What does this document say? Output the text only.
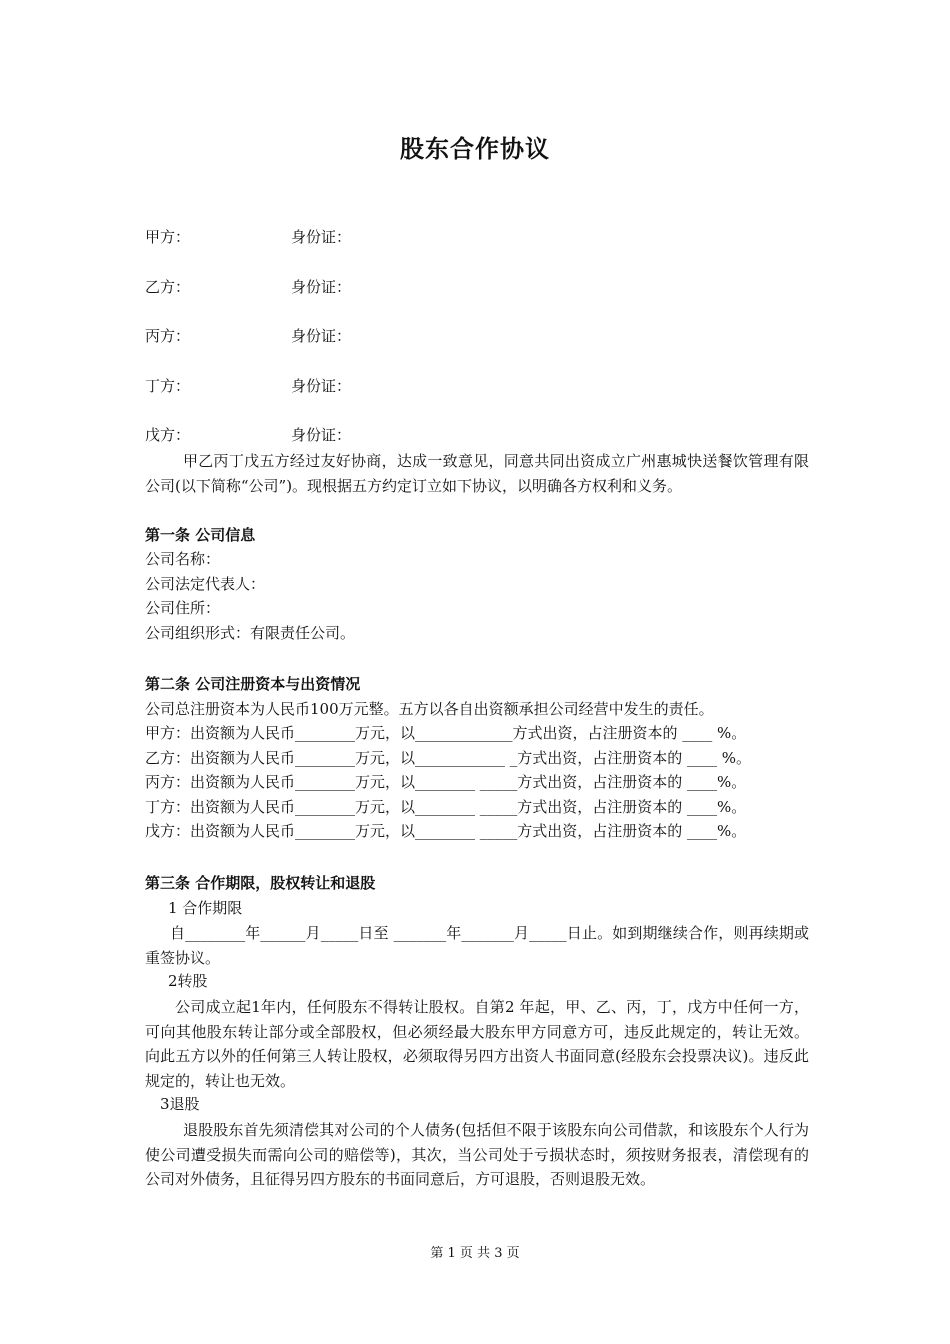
股东合作协议
甲方：	身份证：
乙方：	身份证：
丙方：	身份证：
丁方：	身份证：
戊方：	身份证：
甲乙丙丁戊五方经过友好协商，达成一致意见，同意共同出资成立广州惠城快送餐饮管理有限公司(以下简称“公司”)。现根据五方约定订立如下协议，以明确各方权利和义务。
第一条 公司信息
公司名称：
公司法定代表人：
公司住所：
公司组织形式：有限责任公司。
第二条 公司注册资本与出资情况
公司总注册资本为人民币100万元整。五方以各自出资额承担公司经营中发生的责任。
甲方：出资额为人民币________万元，以_____________方式出资，占注册资本的 ____ %。
乙方：出资额为人民币________万元，以____________ _方式出资，占注册资本的 ____ %。
丙方：出资额为人民币________万元，以________ _____方式出资，占注册资本的 ____%。
丁方：出资额为人民币________万元，以________ _____方式出资，占注册资本的 ____%。
戊方：出资额为人民币________万元，以________ _____方式出资，占注册资本的 ____%。
第三条 合作期限，股权转让和退股
1 合作期限
自________年______月_____日至 _______年_______月_____日止。如到期继续合作，则再续期或重签协议。
2转股
公司成立起1年内，任何股东不得转让股权。自第2 年起，甲、乙、丙，丁，戊方中任何一方，可向其他股东转让部分或全部股权，但必须经最大股东甲方同意方可，违反此规定的，转让无效。 向此五方以外的任何第三人转让股权，必须取得另四方出资人书面同意(经股东会投票决议)。违反此规定的，转让也无效。
3退股
退股股东首先须清偿其对公司的个人债务(包括但不限于该股东向公司借款，和该股东个人行为使公司遭受损失而需向公司的赔偿等)，其次，当公司处于亏损状态时，须按财务报表，清偿现有的公司对外债务，且征得另四方股东的书面同意后，方可退股，否则退股无效。
第 1 页 共 3 页
